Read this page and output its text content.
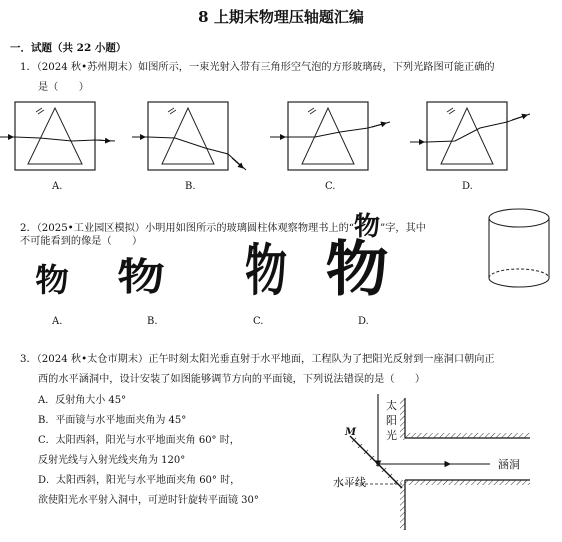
8 上期末物理压轴题汇编
一．试题（共 22 小题）
1．（2024 秋•苏州期末）如图所示，一束光射入带有三角形空气泡的方形玻璃砖，下列光路图可能正确的
是（　　）
A.	B.	C.	D.
2．（2025•工业园区模拟）小明用如图所示的玻璃圆柱体观察物理书上的“物”字，其中
不可能看到的像是（　　）
物 物 物 物
A.	B.	C.	D.
3．（2024 秋•太仓市期末）正午时刻太阳光垂直射于水平地面，工程队为了把阳光反射到一座洞口朝向正
西的水平涵洞中，设计安装了如图能够调节方向的平面镜，下列说法错误的是（　　）
A．反射角大小 45°
B．平面镜与水平地面夹角为 45°
C．太阳西斜，阳光与水平地面夹角 60° 时，
反射光线与入射光线夹角为 120°
D．太阳西斜，阳光与水平地面夹角 60° 时，
欲使阳光水平射入洞中，可逆时针旋转平面镜 30°
太
阳
光
M
涵洞
水平线
